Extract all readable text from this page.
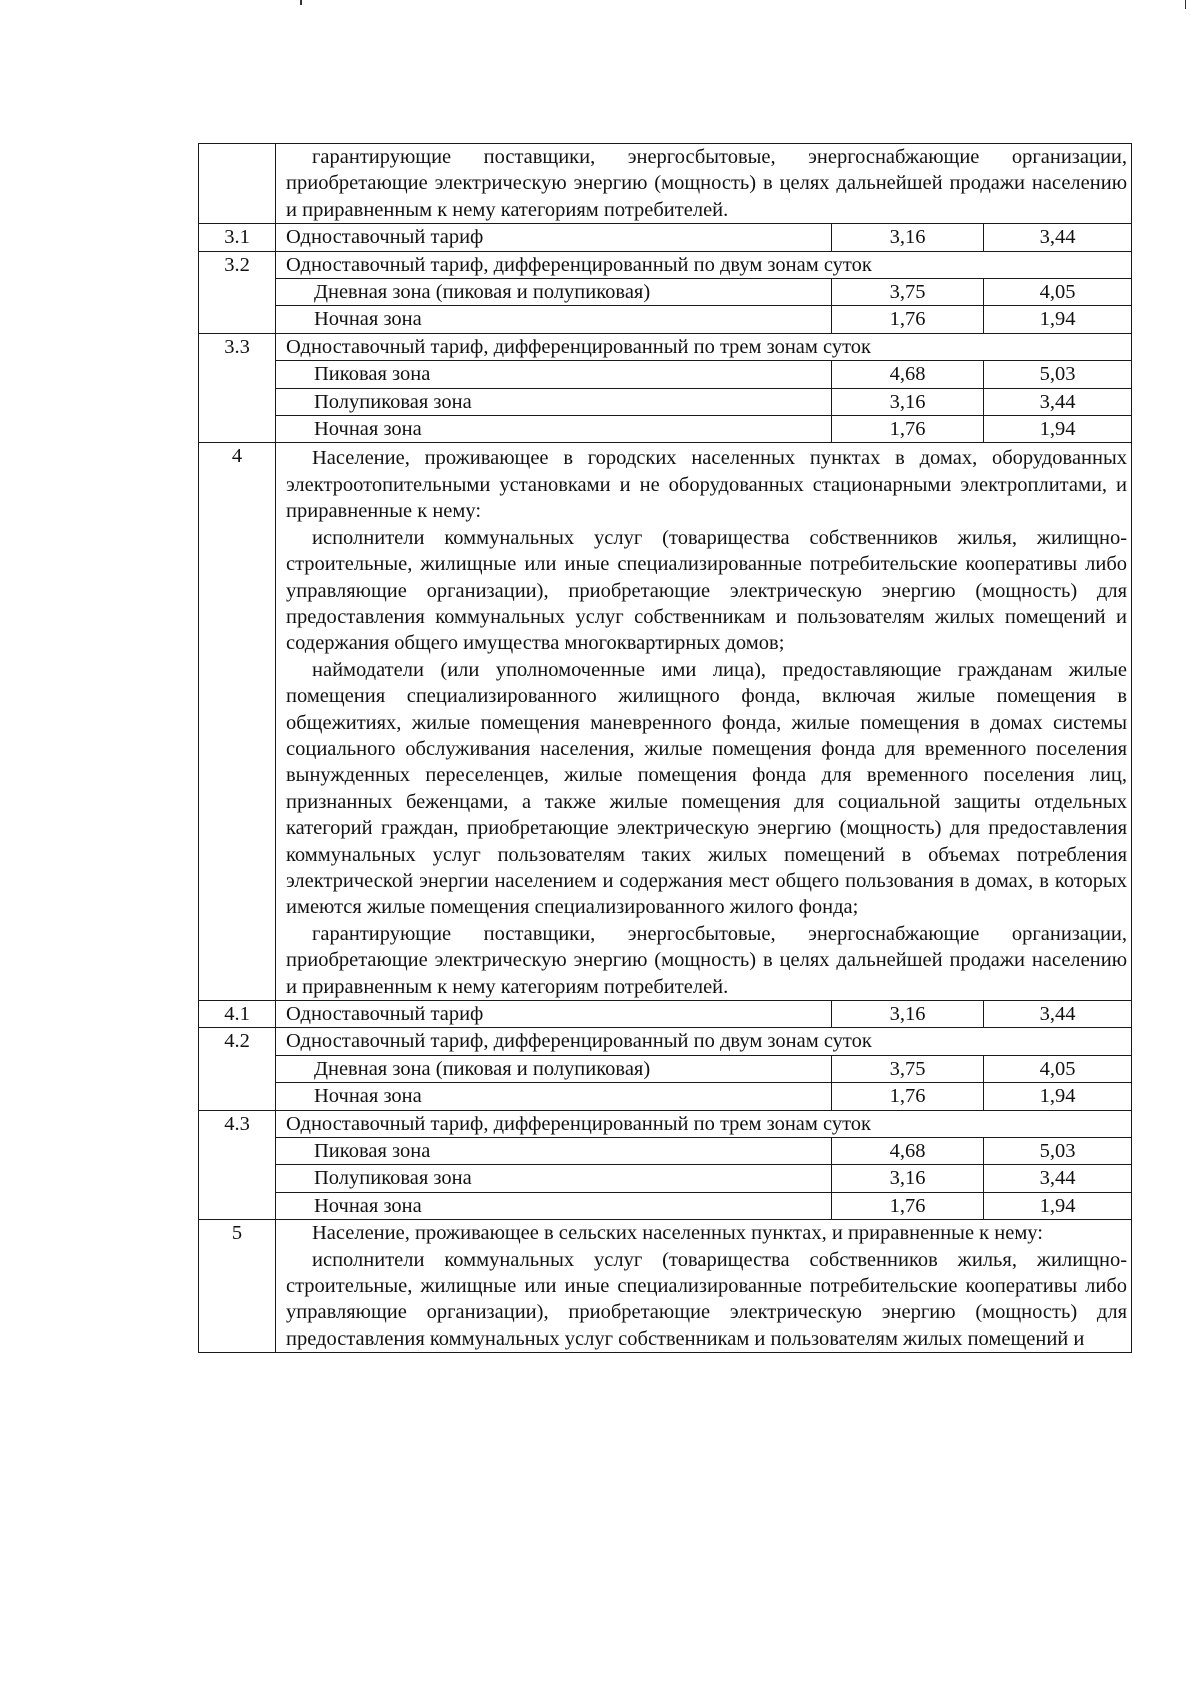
	гарантирующие поставщики, энергосбытовые, энергоснабжающие организации, приобретающие электрическую энергию (мощность) в целях дальнейшей продажи населению и приравненным к нему категориям потребителей.		

3.1	Одноставочный тариф	3,16	3,44
3.2	Одноставочный тариф, дифференцированный по двум зонам суток		
	Дневная зона (пиковая и полупиковая)	3,75	4,05
	Ночная зона	1,76	1,94
3.3	Одноставочный тариф, дифференцированный по трем зонам суток		
	Пиковая зона	4,68	5,03
	Полупиковая зона	3,16	3,44
	Ночная зона	1,76	1,94
4	Население, проживающее в городских населенных пунктах в домах, оборудованных электроотопительными установками и не оборудованных стационарными электроплитами, и приравненные к нему:

исполнители коммунальных услуг (товарищества собственников жилья, жилищно-строительные, жилищные или иные специализированные потребительские кооперативы либо управляющие организации), приобретающие электрическую энергию (мощность) для предоставления коммунальных услуг собственникам и пользователям жилых помещений и содержания общего имущества многоквартирных домов;

наймодатели (или уполномоченные ими лица), предоставляющие гражданам жилые помещения специализированного жилищного фонда, включая жилые помещения в общежитиях, жилые помещения маневренного фонда, жилые помещения в домах системы социального обслуживания населения, жилые помещения фонда для временного поселения вынужденных переселенцев, жилые помещения фонда для временного поселения лиц, признанных беженцами, а также жилые помещения для социальной защиты отдельных категорий граждан, приобретающие электрическую энергию (мощность) для предоставления коммунальных услуг пользователям таких жилых помещений в объемах потребления электрической энергии населением и содержания мест общего пользования в домах, в которых имеются жилые помещения специализированного жилого фонда;

гарантирующие поставщики, энергосбытовые, энергоснабжающие организации, приобретающие электрическую энергию (мощность) в целях дальнейшей продажи населению и приравненным к нему категориям потребителей.		

4.1	Одноставочный тариф	3,16	3,44
4.2	Одноставочный тариф, дифференцированный по двум зонам суток		
	Дневная зона (пиковая и полупиковая)	3,75	4,05
	Ночная зона	1,76	1,94
4.3	Одноставочный тариф, дифференцированный по трем зонам суток		
	Пиковая зона	4,68	5,03
	Полупиковая зона	3,16	3,44
	Ночная зона	1,76	1,94
5	Население, проживающее в сельских населенных пунктах, и приравненные к нему:

исполнители коммунальных услуг (товарищества собственников жилья, жилищно-строительные, жилищные или иные специализированные потребительские кооперативы либо управляющие организации), приобретающие электрическую энергию (мощность) для предоставления коммунальных услуг собственникам и пользователям жилых помещений и		
